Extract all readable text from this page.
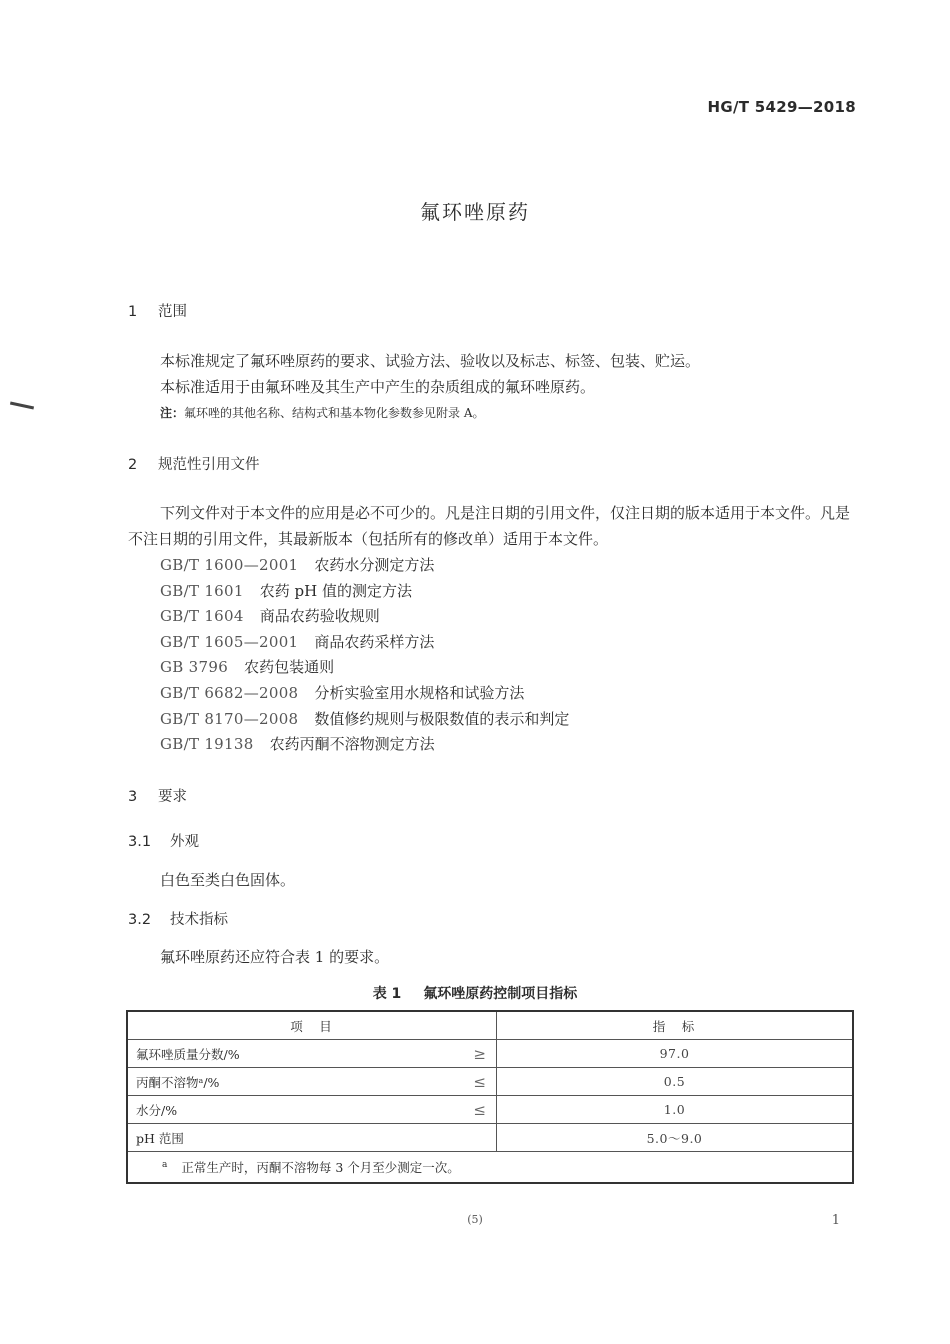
HG/T 5429—2018
氟环唑原药
1 范围
本标准规定了氟环唑原药的要求、试验方法、验收以及标志、标签、包装、贮运。
本标准适用于由氟环唑及其生产中产生的杂质组成的氟环唑原药。
注：氟环唑的其他名称、结构式和基本物化参数参见附录 A。
2 规范性引用文件
下列文件对于本文件的应用是必不可少的。凡是注日期的引用文件，仅注日期的版本适用于本文件。凡是不注日期的引用文件，其最新版本（包括所有的修改单）适用于本文件。
GB/T 1600—2001 农药水分测定方法
GB/T 1601 农药 pH 值的测定方法
GB/T 1604 商品农药验收规则
GB/T 1605—2001 商品农药采样方法
GB 3796 农药包装通则
GB/T 6682—2008 分析实验室用水规格和试验方法
GB/T 8170—2008 数值修约规则与极限数值的表示和判定
GB/T 19138 农药丙酮不溶物测定方法
3 要求
3.1 外观
白色至类白色固体。
3.2 技术指标
氟环唑原药还应符合表 1 的要求。
表 1 氟环唑原药控制项目指标
项　目	指　标
氟环唑质量分数/% ≥	97.0
丙酮不溶物ᵃ/% ≤	0.5
水分/% ≤	1.0
pH 范围	5.0～9.0
$^a$ 正常生产时，丙酮不溶物每 3 个月至少测定一次。	
(5)	1
